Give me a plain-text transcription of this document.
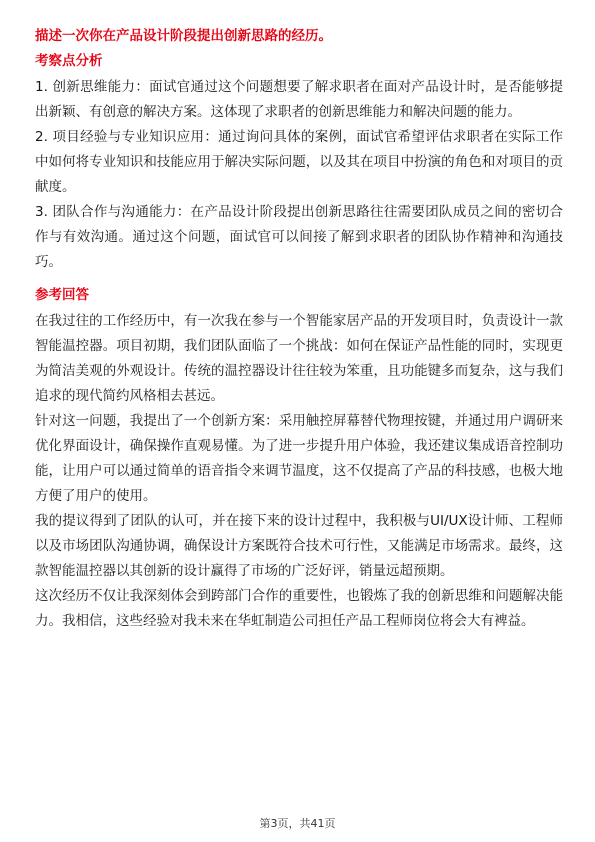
描述一次你在产品设计阶段提出创新思路的经历。

考察点分析

1. 创新思维能力：面试官通过这个问题想要了解求职者在面对产品设计时，是否能够提出新颖、有创意的解决方案。这体现了求职者的创新思维能力和解决问题的能力。

2. 项目经验与专业知识应用：通过询问具体的案例，面试官希望评估求职者在实际工作中如何将专业知识和技能应用于解决实际问题，以及其在项目中扮演的角色和对项目的贡献度。

3. 团队合作与沟通能力：在产品设计阶段提出创新思路往往需要团队成员之间的密切合作与有效沟通。通过这个问题，面试官可以间接了解到求职者的团队协作精神和沟通技巧。

参考回答

在我过往的工作经历中，有一次我在参与一个智能家居产品的开发项目时，负责设计一款智能温控器。项目初期，我们团队面临了一个挑战：如何在保证产品性能的同时，实现更为简洁美观的外观设计。传统的温控器设计往往较为笨重，且功能键多而复杂，这与我们追求的现代简约风格相去甚远。

针对这一问题，我提出了一个创新方案：采用触控屏幕替代物理按键，并通过用户调研来优化界面设计，确保操作直观易懂。为了进一步提升用户体验，我还建议集成语音控制功能，让用户可以通过简单的语音指令来调节温度，这不仅提高了产品的科技感，也极大地方便了用户的使用。

我的提议得到了团队的认可，并在接下来的设计过程中，我积极与UI/UX设计师、工程师以及市场团队沟通协调，确保设计方案既符合技术可行性，又能满足市场需求。最终，这款智能温控器以其创新的设计赢得了市场的广泛好评，销量远超预期。

这次经历不仅让我深刻体会到跨部门合作的重要性，也锻炼了我的创新思维和问题解决能力。我相信，这些经验对我未来在华虹制造公司担任产品工程师岗位将会大有裨益。

第3页，共41页
